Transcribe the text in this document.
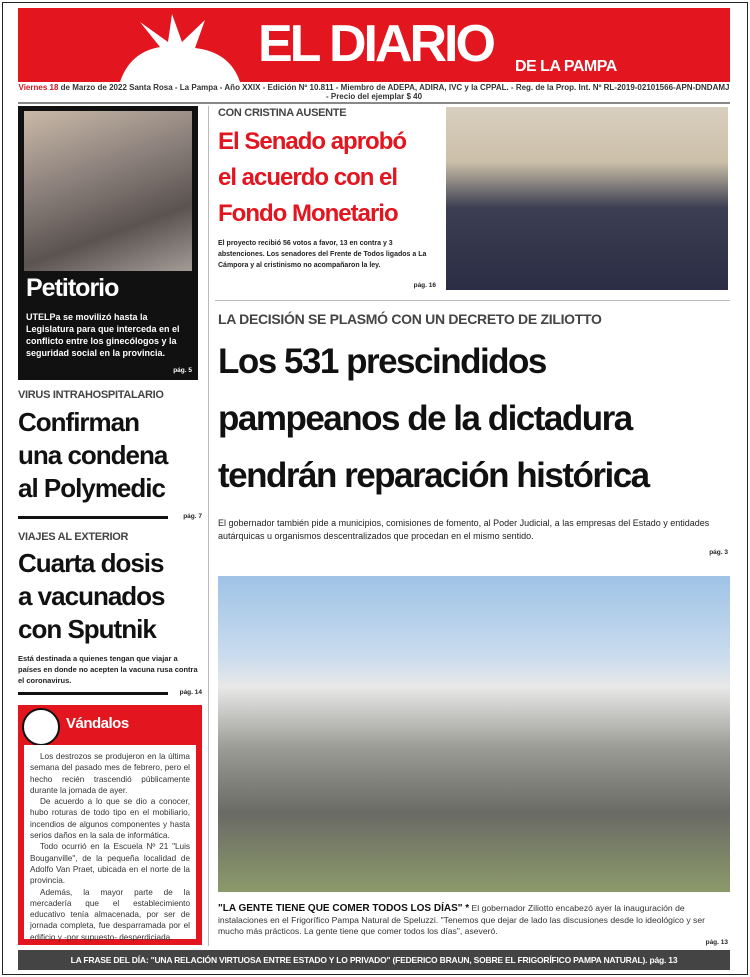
EL DIARIO DE LA PAMPA
Viernes 18 de Marzo de 2022 Santa Rosa - La Pampa - Año XXIX - Edición Nº 10.811 - Miembro de ADEPA, ADIRA, IVC y la CPPAL. - Reg. de la Prop. Int. Nº RL-2019-02101566-APN-DNDAMJ - Precio del ejemplar $ 40
Petitorio

UTELPa se movilizó hasta la Legislatura para que interceda en el conflicto entre los ginecólogos y la seguridad social en la provincia.

pág. 5
VIRUS INTRAHOSPITALARIO
Confirman
una condena
al Polymedic
pág. 7
VIAJES AL EXTERIOR
Cuarta dosis
a vacunados
con Sputnik
Está destinada a quienes tengan que viajar a países en donde no acepten la vacuna rusa contra el coronavirus.
pág. 14
Vándalos

Los destrozos se produjeron en la última semana del pasado mes de febrero, pero el hecho recién trascendió públicamente durante la jornada de ayer.

De acuerdo a lo que se dio a conocer, hubo roturas de todo tipo en el mobiliario, incendios de algunos componentes y hasta serios daños en la sala de informática.

Todo ocurrió en la Escuela Nº 21 "Luis Bouganville", de la pequeña localidad de Adolfo Van Praet, ubicada en el norte de la provincia.

Además, la mayor parte de la mercadería que el establecimiento educativo tenía almacenada, por ser de jornada completa, fue desparramada por el edificio y -por supuesto- desperdiciada.

CON CRISTINA AUSENTE
El Senado aprobó
el acuerdo con el
Fondo Monetario
El proyecto recibió 56 votos a favor, 13 en contra y 3 abstenciones. Los senadores del Frente de Todos ligados a La Cámpora y al cristinismo no acompañaron la ley.
pág. 16
LA DECISIÓN SE PLASMÓ CON UN DECRETO DE ZILIOTTO
Los 531 prescindidos
pampeanos de la dictadura
tendrán reparación histórica
El gobernador también pide a municipios, comisiones de fomento, al Poder Judicial, a las empresas del Estado y entidades autárquicas u organismos descentralizados que procedan en el mismo sentido.
pág. 3
"LA GENTE TIENE QUE COMER TODOS LOS DÍAS" * El gobernador Ziliotto encabezó ayer la inauguración de instalaciones en el Frigorífico Pampa Natural de Speluzzi. "Tenemos que dejar de lado las discusiones desde lo ideológico y ser mucho más prácticos. La gente tiene que comer todos los días", aseveró.
pág. 13
LA FRASE DEL DÍA: "UNA RELACIÓN VIRTUOSA ENTRE ESTADO Y LO PRIVADO" (FEDERICO BRAUN, SOBRE EL FRIGORÍFICO PAMPA NATURAL). pág. 13
